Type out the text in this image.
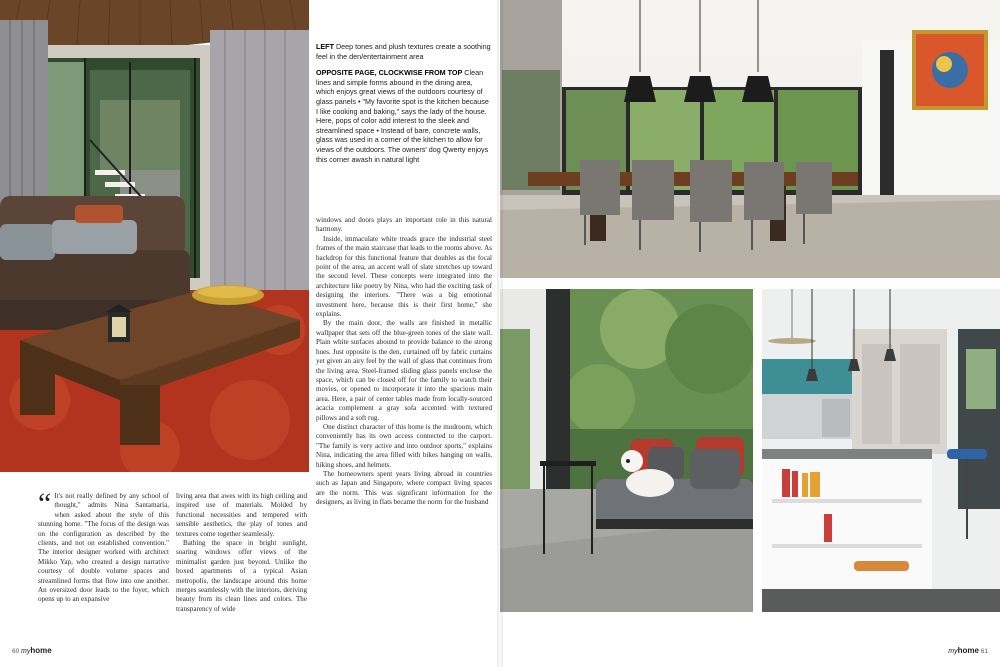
LEFT Deep tones and plush textures create a soothing feel in the den/entertainment area

OPPOSITE PAGE, CLOCKWISE FROM TOP Clean lines and simple forms abound in the dining area, which enjoys great views of the outdoors courtesy of glass panels • "My favorite spot is the kitchen because I like cooking and baking," says the lady of the house. Here, pops of color add interest to the sleek and streamlined space • Instead of bare, concrete walls, glass was used in a corner of the kitchen to allow for views of the outdoors. The owners' dog Qwerty enjoys this corner awash in natural light

windows and doors plays an important role in this natural harmony.

Inside, immaculate white treads grace the industrial steel frames of the main staircase that leads to the rooms above. As backdrop for this functional feature that doubles as the focal point of the area, an accent wall of slate stretches up toward the second level. These concepts were integrated into the architecture like poetry by Nina, who had the exciting task of designing the interiors. "There was a big emotional investment here, because this is their first home," she explains.

By the main door, the walls are finished in metallic wallpaper that sets off the blue-green tones of the slate wall. Plain white surfaces abound to provide balance to the strong hues. Just opposite is the den, curtained off by fabric curtains yet given an airy feel by the wall of glass that continues from the living area. Steel-framed sliding glass panels enclose the space, which can be closed off for the family to watch their movies, or opened to incorporate it into the spacious main area. Here, a pair of center tables made from locally-sourced acacia complement a gray sofa accented with textured pillows and a soft rug.

One distinct character of this home is the mudroom, which conveniently has its own access connected to the carport. "The family is very active and into outdoor sports," explains Nina, indicating the area filled with bikes hanging on walls, hiking shoes, and helmets.

The homeowners spent years living abroad in countries such as Japan and Singapore, where compact living spaces are the norm. This was significant information for the designers, as living in flats became the norm for the husband

“ It's not really defined by any school of thought," admits Nina Santamaria, when asked about the style of this stunning home. "The focus of the design was on the configuration as described by the clients, and not on established convention." The interior designer worked with architect Mikko Yap, who created a design narrative courtesy of double volume spaces and streamlined forms that flow into one another. An oversized door leads to the foyer, which opens up to an expansive

living area that awes with its high ceiling and inspired use of materials. Molded by functional necessities and tempered with sensible aesthetics, the play of tones and textures come together seamlessly.

Bathing the space in bright sunlight, soaring windows offer views of the minimalist garden just beyond. Unlike the boxed apartments of a typical Asian metropolis, the landscape around this home merges seamlessly with the interiors, deriving beauty from its clean lines and colors. The transparency of wide

60 myhome	myhome 61
